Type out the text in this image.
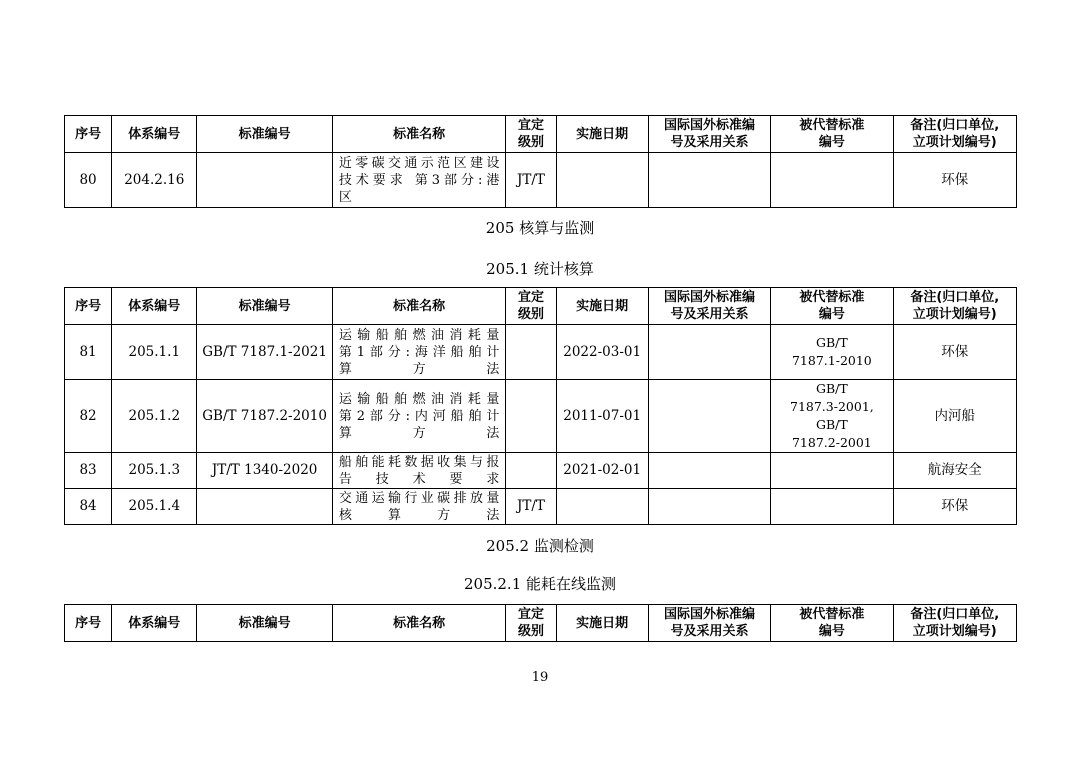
序号	体系编号	标准编号	标准名称	宜定
级别	实施日期	国际国外标准编
号及采用关系	被代替标准
编号	备注(归口单位,
立项计划编号)
80	204.2.16		近零碳交通示范区建设
技术要求 第3部分:港
区	JT/T				环保
205 核算与监测
205.1 统计核算
序号	体系编号	标准编号	标准名称	宜定
级别	实施日期	国际国外标准编
号及采用关系	被代替标准
编号	备注(归口单位,
立项计划编号)
81	205.1.1	GB/T 7187.1-2021	运输船舶燃油消耗量
第1部分:海洋船舶计
算方法		2022-03-01		GB/T
7187.1-2010	环保
82	205.1.2	GB/T 7187.2-2010	运输船舶燃油消耗量
第2部分:内河船舶计
算方法		2011-07-01		GB/T
7187.3-2001,
GB/T
7187.2-2001	内河船
83	205.1.3	JT/T 1340-2020	船舶能耗数据收集与报
告技术要求		2021-02-01			航海安全
84	205.1.4		交通运输行业碳排放量
核算方法	JT/T				环保
205.2 监测检测
205.2.1 能耗在线监测
序号	体系编号	标准编号	标准名称	宜定
级别	实施日期	国际国外标准编
号及采用关系	被代替标准
编号	备注(归口单位,
立项计划编号)
19
